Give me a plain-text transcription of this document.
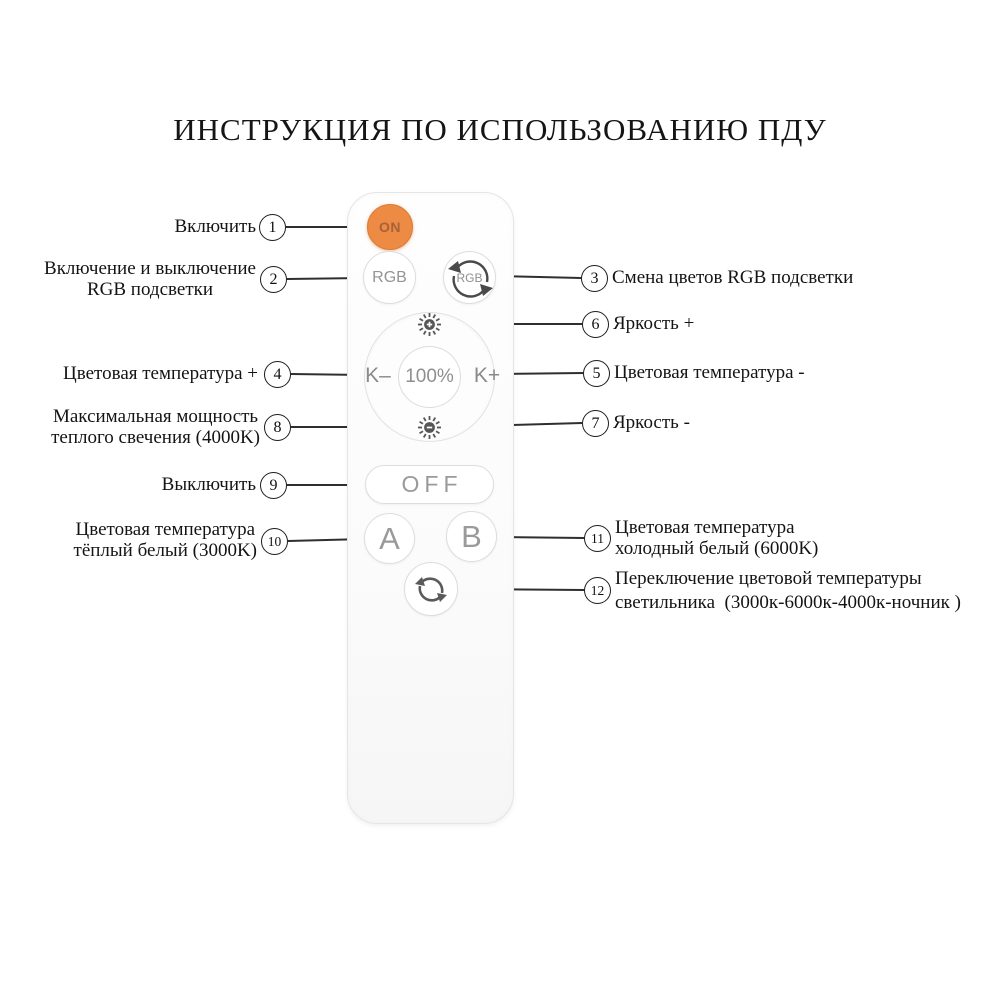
ИНСТРУКЦИЯ ПО ИСПОЛЬЗОВАНИЮ ПДУ
ON
RGB	RGB
K–	K+
100%
OFF
A B
1
2	3
4	5
6
7
8
9
10	11
12
Включить
Включение и выключение
RGB подсветки
Цветовая температура +
Максимальная мощность
теплого свечения (4000K)
Выключить
Цветовая температура
тёплый белый (3000K)
Смена цветов RGB подсветки
Яркость +
Цветовая температура -
Яркость -
Цветовая температура
холодный белый (6000K)
Переключение цветовой температуры
светильника  (3000к-6000к-4000к-ночник )
